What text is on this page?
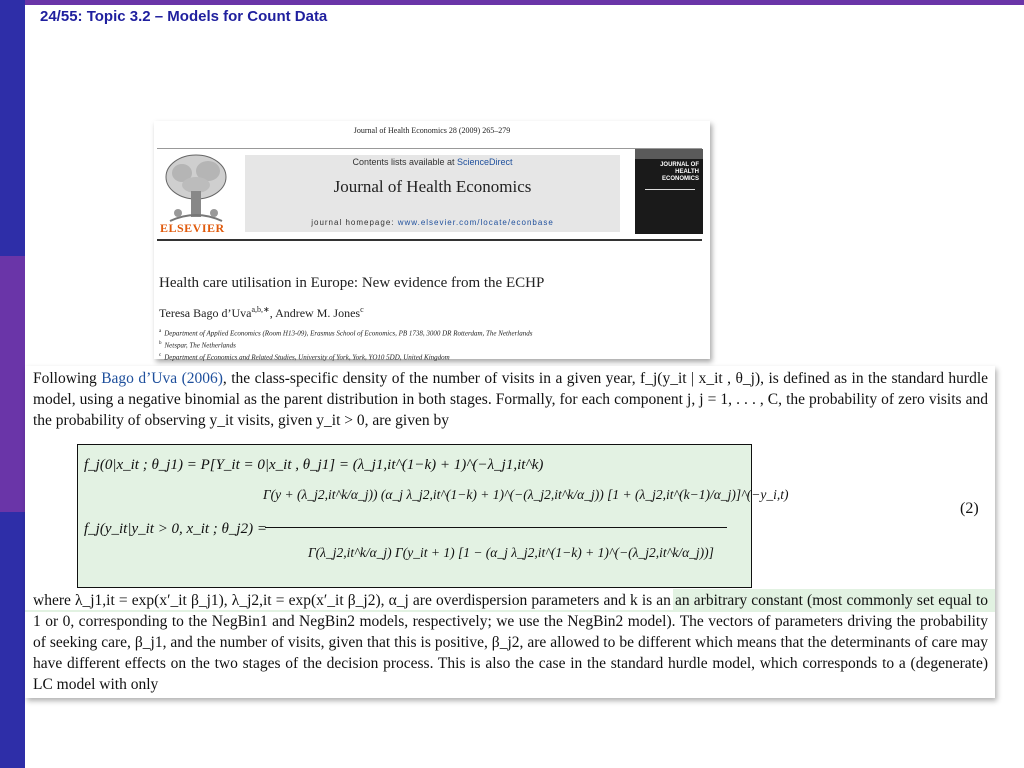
24/55: Topic 3.2 – Models for Count Data
Journal of Health Economics 28 (2009) 265–279
ELSEVIER
Contents lists available at ScienceDirect
Journal of Health Economics
journal homepage: www.elsevier.com/locate/econbase
JOURNAL OF HEALTH ECONOMICS
Health care utilisation in Europe: New evidence from the ECHP
Teresa Bago d’Uva$^{a,b,∗}$, Andrew M. Jones$^c$
$^a$ Department of Applied Economics (Room H13-09), Erasmus School of Economics, PB 1738, 3000 DR Rotterdam, The Netherlands
$^b$ Netspar, The Netherlands
$^c$ Department of Economics and Related Studies, University of York, York, YO10 5DD, United Kingdom
Following Bago d’Uva (2006), the class-specific density of the number of visits in a given year, f_j(y_it | x_it , θ_j), is defined as in the standard hurdle model, using a negative binomial as the parent distribution in both stages. Formally, for each component j, j = 1, . . . , C, the probability of zero visits and the probability of observing y_it visits, given y_it > 0, are given by
f_j(0|x_it ; θ_j1) = P[Y_it = 0|x_it , θ_j1] = (λ_j1,it^(1−k) + 1)^(−λ_j1,it^k)
f_j(y_it|y_it > 0, x_it ; θ_j2) =
Γ(y + (λ_j2,it^k/α_j)) (α_j λ_j2,it^(1−k) + 1)^(−(λ_j2,it^k/α_j)) [1 + (λ_j2,it^(k−1)/α_j)]^(−y_i,t)
Γ(λ_j2,it^k/α_j) Γ(y_it + 1) [1 − (α_j λ_j2,it^(1−k) + 1)^(−(λ_j2,it^k/α_j))]
(2)
where λ_j1,it = exp(x′_it β_j1), λ_j2,it = exp(x′_it β_j2), α_j are overdispersion parameters and k is an an arbitrary constant (most commonly set equal to 1 or 0, corresponding to the NegBin1 and NegBin2 models, respectively; we use the NegBin2 model). The vectors of parameters driving the probability of seeking care, β_j1, and the number of visits, given that this is positive, β_j2, are allowed to be different which means that the determinants of care may have different effects on the two stages of the decision process. This is also the case in the standard hurdle model, which corresponds to a (degenerate) LC model with only
